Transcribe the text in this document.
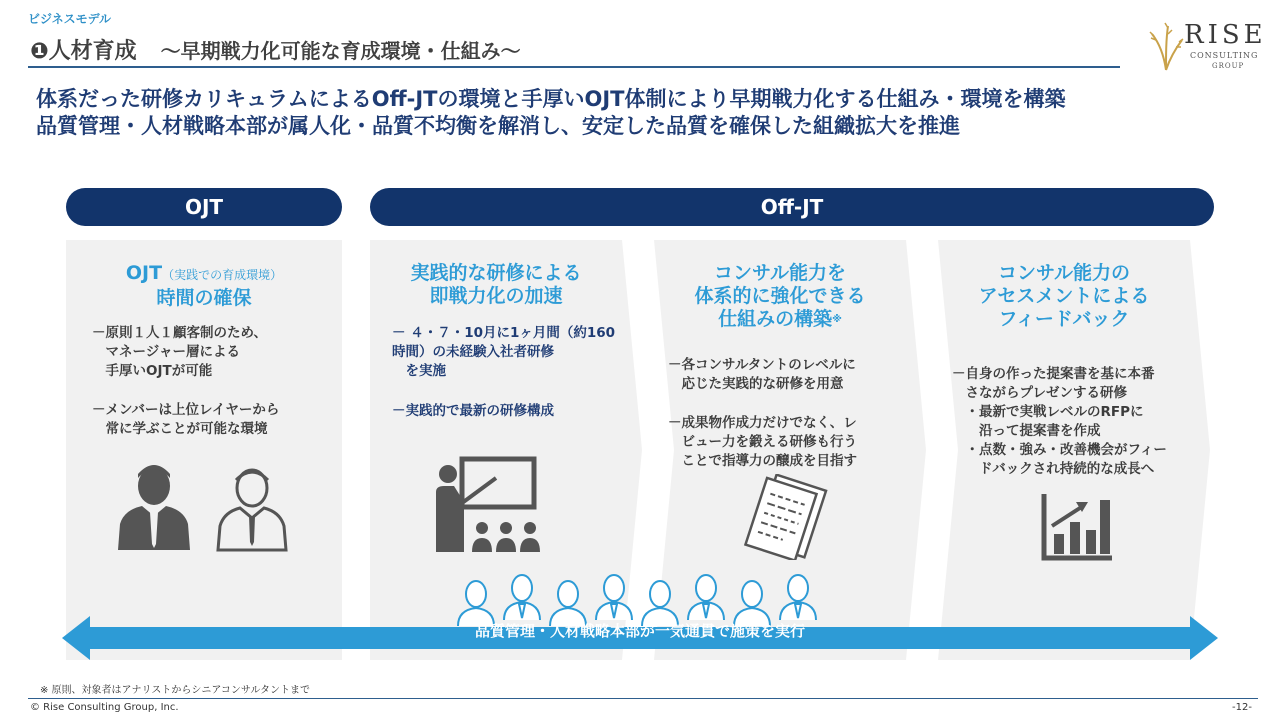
ビジネスモデル
❶人材育成 ～早期戦力化可能な育成環境・仕組み～
RISE
CONSULTING
GROUP
体系だった研修カリキュラムによるOff-JTの環境と手厚いOJT体制により早期戦力化する仕組み・環境を構築
品質管理・人材戦略本部が属人化・品質不均衡を解消し、安定した品質を確保した組織拡大を推進
OJT	Off-JT
OJT（実践での育成環境）
時間の確保
－原則１人１顧客制のため、
　マネージャー層による
　手厚いOJTが可能
－メンバーは上位レイヤーから
　常に学ぶことが可能な環境
実践的な研修による
即戦力化の加速
－ ４・７・10月に1ヶ月間（約160
時間）の未経験入社者研修
　を実施
－実践的で最新の研修構成
コンサル能力を
体系的に強化できる
仕組みの構築※
－各コンサルタントのレベルに
　応じた実践的な研修を用意
－成果物作成力だけでなく、レ
　ビュー力を鍛える研修も行う
　ことで指導力の醸成を目指す
コンサル能力の
アセスメントによる
フィードバック
－自身の作った提案書を基に本番
　さながらプレゼンする研修
　・最新で実戦レベルのRFPに
　　沿って提案書を作成
　・点数・強み・改善機会がフィー
　　ドバックされ持続的な成長へ
品質管理・人材戦略本部が一気通貫で施策を実行
※ 原則、対象者はアナリストからシニアコンサルタントまで
© Rise Consulting Group, Inc.	-12-
